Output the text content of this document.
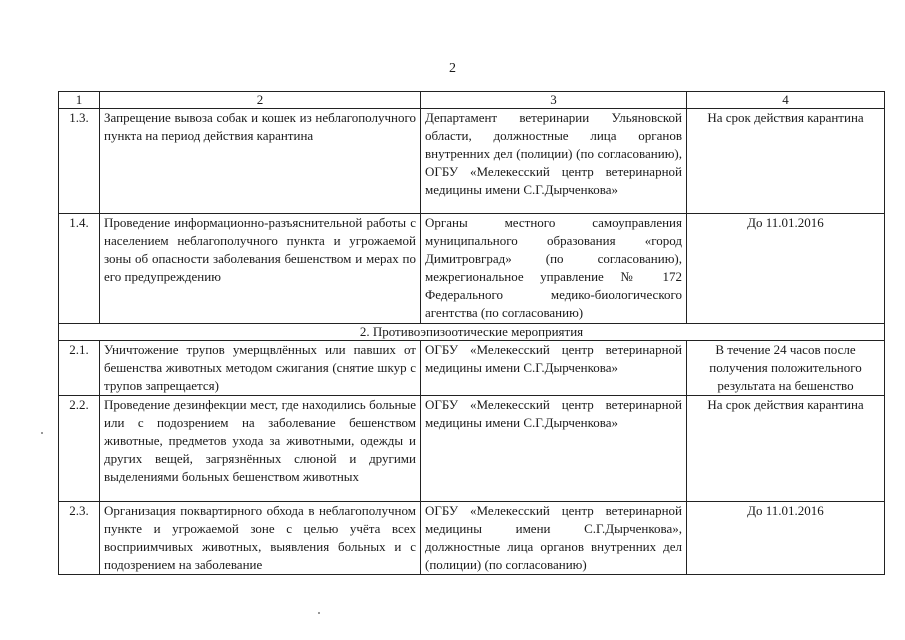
2
1	2	3	4
1.3.	Запрещение вывоза собак и кошек из неблагополучного пункта на период действия карантина	Департамент ветеринарии Ульяновской области, должностные лица органов внутренних дел (полиции) (по согласованию), ОГБУ «Мелекесский центр ветеринарной медицины имени С.Г.Дырченкова»	На срок действия карантина
1.4.	Проведение информационно-разъяснительной работы с населением неблагополучного пункта и угрожаемой зоны об опасности заболевания бешенством и мерах по его предупреждению	Органы местного самоуправления муниципального образования «город Димитровград» (по согласованию), межрегиональное управление № 172 Федерального медико-биологического агентства (по согласованию)	До 11.01.2016
2. Противоэпизоотические мероприятия			
2.1.	Уничтожение трупов умерщвлённых или павших от бешенства животных методом сжигания (снятие шкур с трупов запрещается)	ОГБУ «Мелекесский центр ветеринарной медицины имени С.Г.Дырченкова»	В течение 24 часов после получения положительного результата на бешенство
2.2.	Проведение дезинфекции мест, где находились больные или с подозрением на заболевание бешенством животные, предметов ухода за животными, одежды и других вещей, загрязнённых слюной и другими выделениями больных бешенством животных	ОГБУ «Мелекесский центр ветеринарной медицины имени С.Г.Дырченкова»	На срок действия карантина
2.3.	Организация поквартирного обхода в неблагополучном пункте и угрожаемой зоне с целью учёта всех восприимчивых животных, выявления больных и с подозрением на заболевание	ОГБУ «Мелекесский центр ветеринарной медицины имени С.Г.Дырченкова», должностные лица органов внутренних дел (полиции) (по согласованию)	До 11.01.2016
